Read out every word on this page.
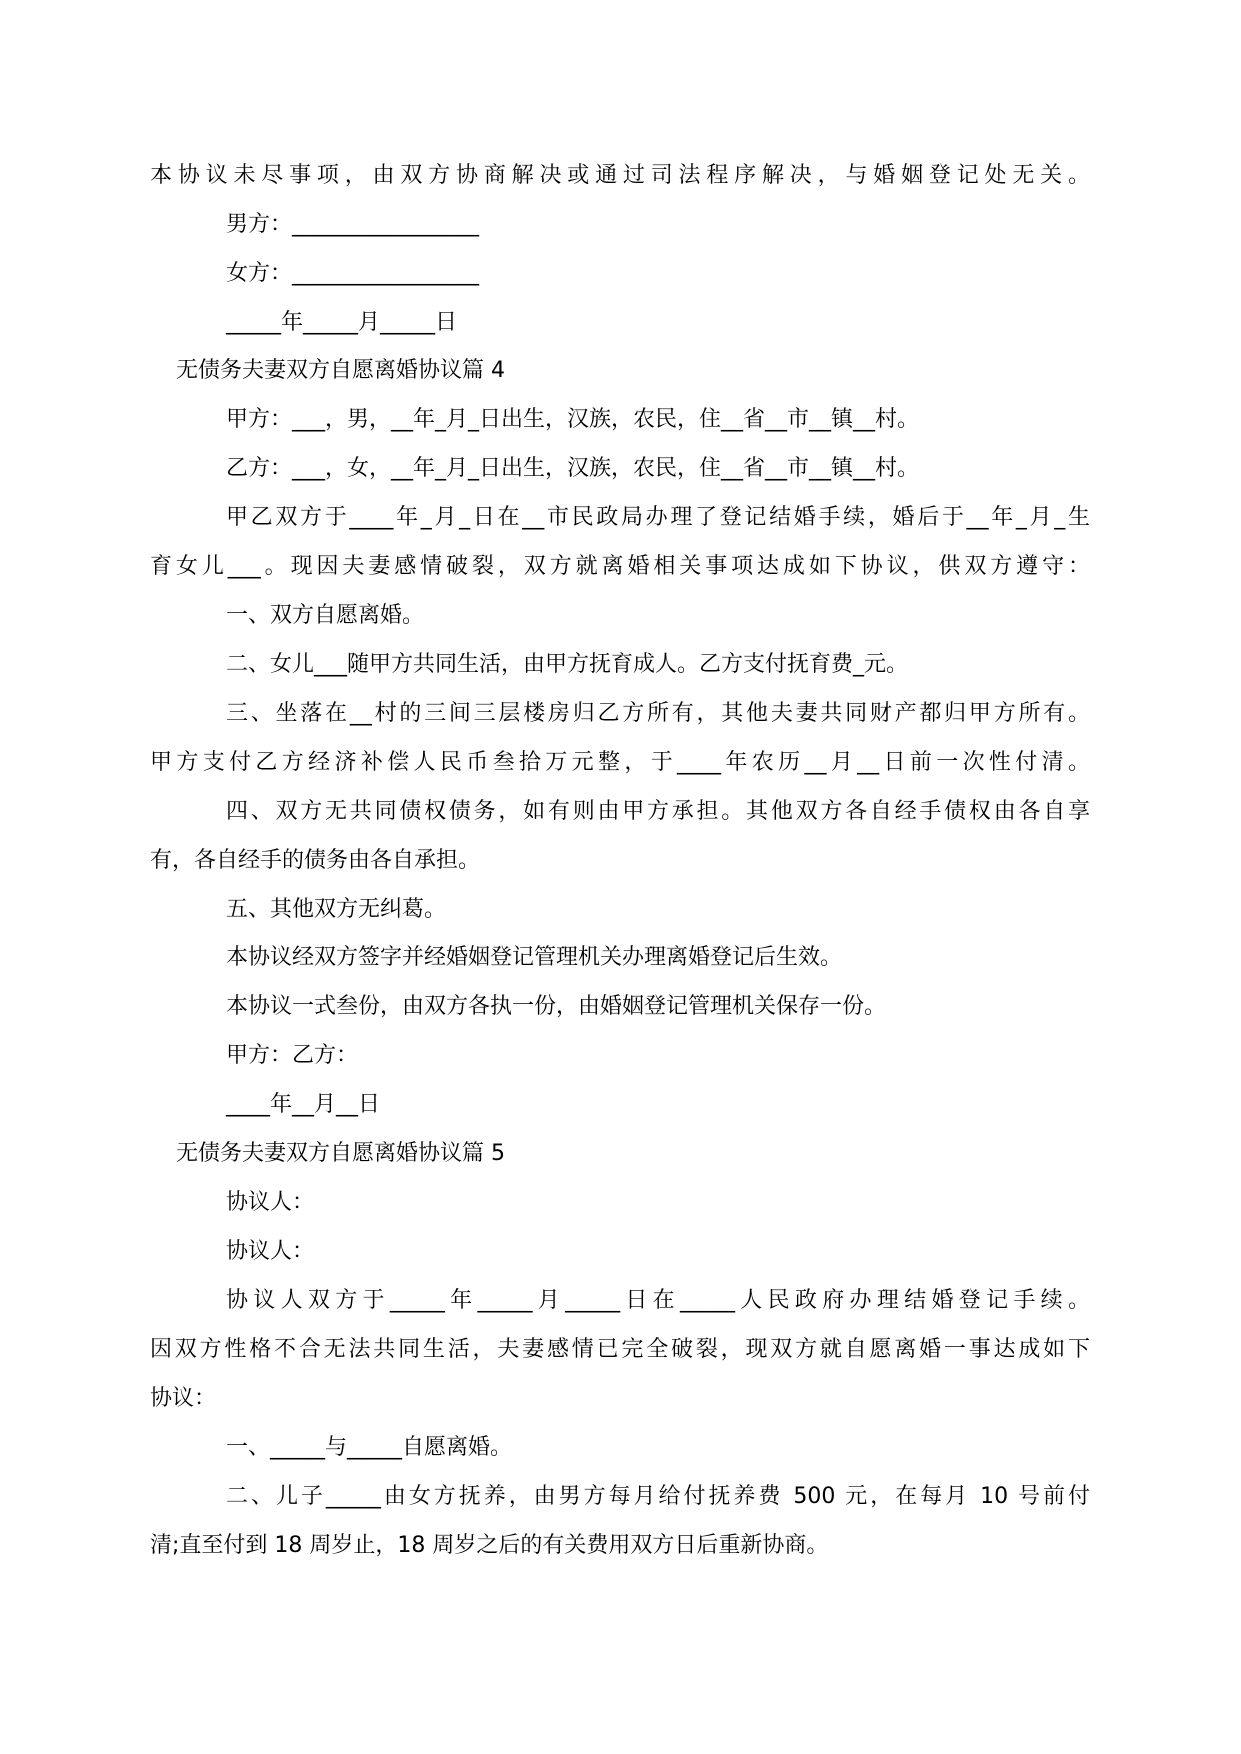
本协议未尽事项，由双方协商解决或通过司法程序解决，与婚姻登记处无关。
男方：_________________
女方：_________________
_____年_____月_____日
无债务夫妻双方自愿离婚协议篇 4
甲方：___，男，__年_月_日出生，汉族，农民，住__省__市__镇__村。
乙方：___，女，__年_月_日出生，汉族，农民，住__省__市__镇__村。
甲乙双方于____年_月_日在__市民政局办理了登记结婚手续，婚后于__年_月_生
育女儿___。现因夫妻感情破裂，双方就离婚相关事项达成如下协议，供双方遵守：
一、双方自愿离婚。
二、女儿___随甲方共同生活，由甲方抚育成人。乙方支付抚育费_元。
三、坐落在__村的三间三层楼房归乙方所有，其他夫妻共同财产都归甲方所有。
甲方支付乙方经济补偿人民币叁拾万元整，于____年农历__月__日前一次性付清。
四、双方无共同债权债务，如有则由甲方承担。其他双方各自经手债权由各自享
有，各自经手的债务由各自承担。
五、其他双方无纠葛。
本协议经双方签字并经婚姻登记管理机关办理离婚登记后生效。
本协议一式叁份，由双方各执一份，由婚姻登记管理机关保存一份。
甲方：乙方：
____年__月__日
无债务夫妻双方自愿离婚协议篇 5
协议人：
协议人：
协议人双方于_____年_____月_____日在_____人民政府办理结婚登记手续。
因双方性格不合无法共同生活，夫妻感情已完全破裂，现双方就自愿离婚一事达成如下
协议：
一、_____与_____自愿离婚。
二、儿子_____由女方抚养，由男方每月给付抚养费 500 元，在每月 10 号前付
清;直至付到 18 周岁止，18 周岁之后的有关费用双方日后重新协商。
